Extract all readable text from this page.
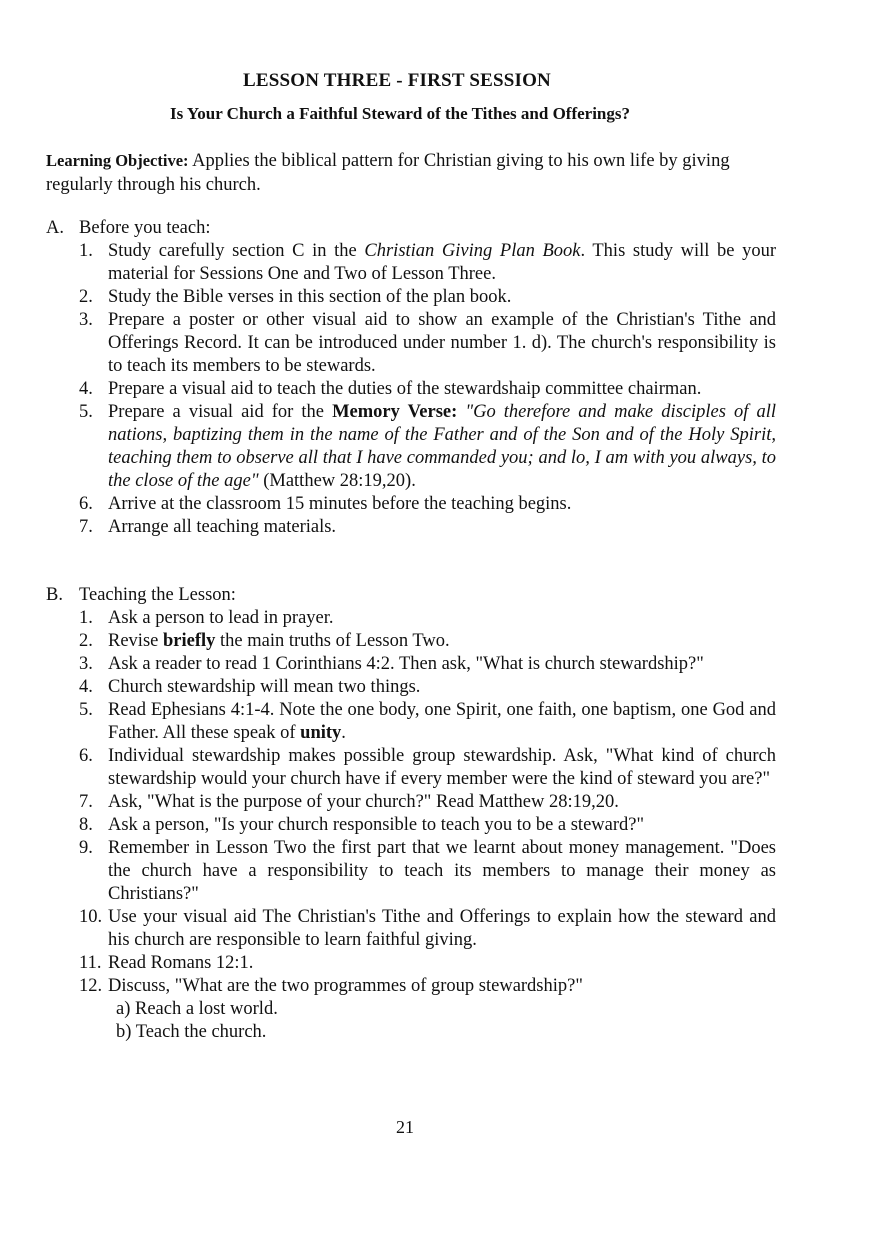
LESSON THREE - FIRST SESSION
Is Your Church a Faithful Steward of the Tithes and Offerings?
Learning Objective: Applies the biblical pattern for Christian giving to his own life by giving regularly through his church.
A. Before you teach:
1. Study carefully section C in the Christian Giving Plan Book. This study will be your material for Sessions One and Two of Lesson Three.
2. Study the Bible verses in this section of the plan book.
3. Prepare a poster or other visual aid to show an example of the Christian's Tithe and Offerings Record. It can be introduced under number 1. d). The church's responsibility is to teach its members to be stewards.
4. Prepare a visual aid to teach the duties of the stewardshaip committee chairman.
5. Prepare a visual aid for the Memory Verse: "Go therefore and make disciples of all nations, baptizing them in the name of the Father and of the Son and of the Holy Spirit, teaching them to observe all that I have commanded you; and lo, I am with you always, to the close of the age" (Matthew 28:19,20).
6. Arrive at the classroom 15 minutes before the teaching begins.
7. Arrange all teaching materials.
B. Teaching the Lesson:
1. Ask a person to lead in prayer.
2. Revise briefly the main truths of Lesson Two.
3. Ask a reader to read 1 Corinthians 4:2. Then ask, "What is church stewardship?"
4. Church stewardship will mean two things.
5. Read Ephesians 4:1-4. Note the one body, one Spirit, one faith, one baptism, one God and Father. All these speak of unity.
6. Individual stewardship makes possible group stewardship. Ask, "What kind of church stewardship would your church have if every member were the kind of steward you are?"
7. Ask, "What is the purpose of your church?" Read Matthew 28:19,20.
8. Ask a person, "Is your church responsible to teach you to be a steward?"
9. Remember in Lesson Two the first part that we learnt about money management. "Does the church have a responsibility to teach its members to manage their money as Christians?"
10. Use your visual aid The Christian's Tithe and Offerings to explain how the steward and his church are responsible to learn faithful giving.
11. Read Romans 12:1.
12. Discuss, "What are the two programmes of group stewardship?"
a) Reach a lost world.
b) Teach the church.
21
